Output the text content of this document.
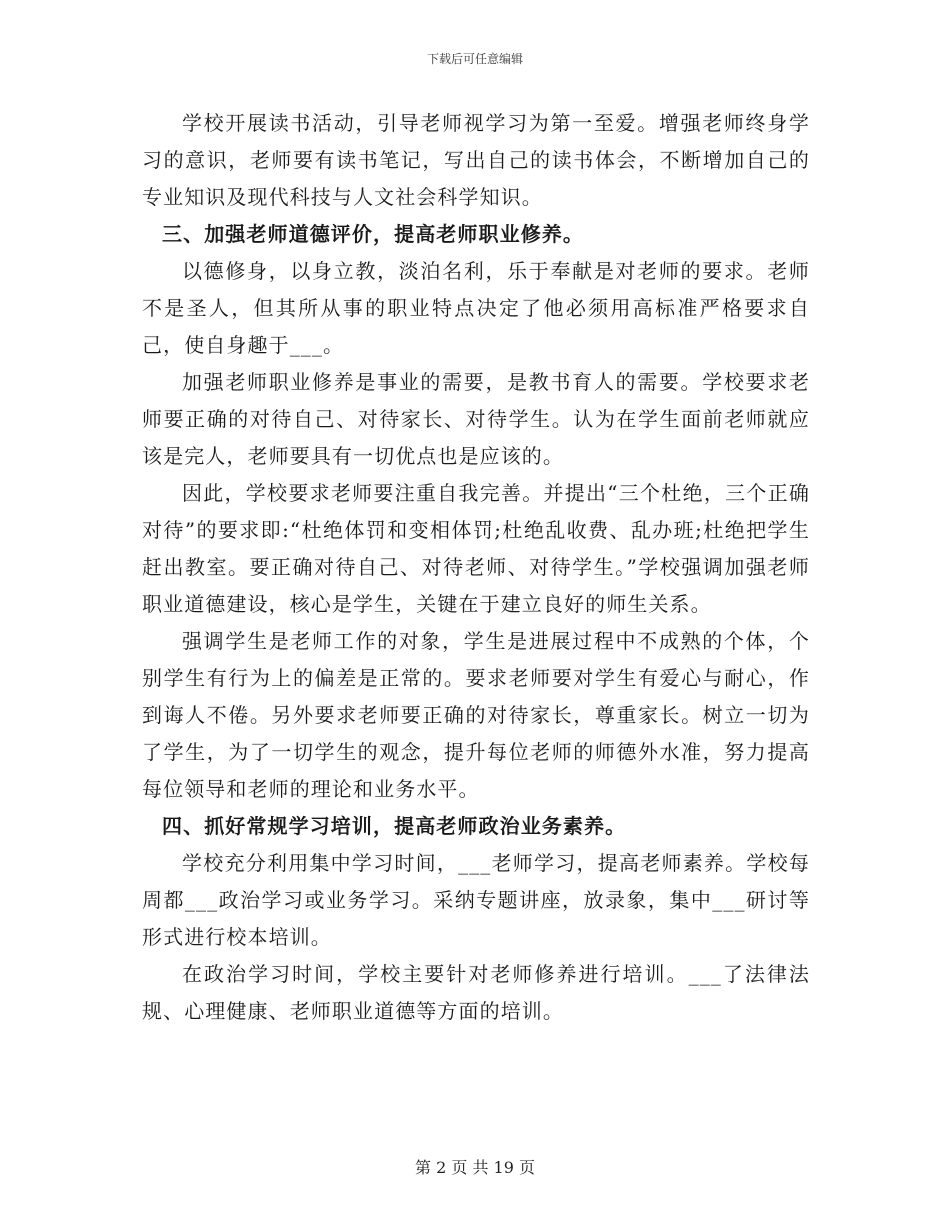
下载后可任意编辑

学校开展读书活动，引导老师视学习为第一至爱。增强老师终身学习的意识，老师要有读书笔记，写出自己的读书体会，不断增加自己的专业知识及现代科技与人文社会科学知识。

三、加强老师道德评价，提高老师职业修养。

以德修身，以身立教，淡泊名利，乐于奉献是对老师的要求。老师不是圣人，但其所从事的职业特点决定了他必须用高标准严格要求自己，使自身趣于___。

加强老师职业修养是事业的需要，是教书育人的需要。学校要求老师要正确的对待自己、对待家长、对待学生。认为在学生面前老师就应该是完人，老师要具有一切优点也是应该的。

因此，学校要求老师要注重自我完善。并提出“三个杜绝，三个正确对待”的要求即:“杜绝体罚和变相体罚;杜绝乱收费、乱办班;杜绝把学生赶出教室。要正确对待自己、对待老师、对待学生。”学校强调加强老师职业道德建设，核心是学生，关键在于建立良好的师生关系。

强调学生是老师工作的对象，学生是进展过程中不成熟的个体，个别学生有行为上的偏差是正常的。要求老师要对学生有爱心与耐心，作到诲人不倦。另外要求老师要正确的对待家长，尊重家长。树立一切为了学生，为了一切学生的观念，提升每位老师的师德外水准，努力提高每位领导和老师的理论和业务水平。

四、抓好常规学习培训，提高老师政治业务素养。

学校充分利用集中学习时间，___老师学习，提高老师素养。学校每周都___政治学习或业务学习。采纳专题讲座，放录象，集中___研讨等形式进行校本培训。

在政治学习时间，学校主要针对老师修养进行培训。___了法律法规、心理健康、老师职业道德等方面的培训。

第 2 页 共 19 页
